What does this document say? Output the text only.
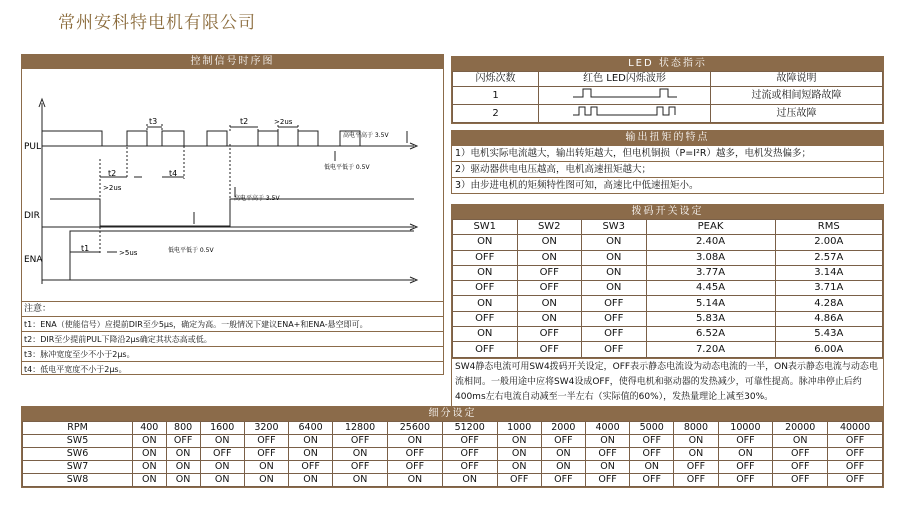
常州安科特电机有限公司
控制信号时序图
PUL
DIR
ENA
t1
t2
t2
t3
t4
>2us
>2us
>5us
高电平高于 3.5V
高电平高于 3.5V
低电平低于 0.5V
低电平低于 0.5V
注意：
t1：ENA（使能信号）应提前DIR至少5μs，确定为高。一般情况下建议ENA+和ENA-悬空即可。
t2：DIR至少提前PUL下降沿2μs确定其状态高或低。
t3：脉冲宽度至少不小于2μs。
t4：低电平宽度不小于2μs。
LED 状态指示
闪烁次数	红色 LED闪烁波形	故障说明
1		过流或相间短路故障
2		过压故障
输出扭矩的特点
1）电机实际电流越大，输出转矩越大，但电机铜损（P=I²R）越多，电机发热偏多；
2）驱动器供电电压越高，电机高速扭矩越大；
3）由步进电机的矩频特性图可知，高速比中低速扭矩小。
拨码开关设定
SW1	SW2	SW3	PEAK	RMS
ON	ON	ON	2.40A	2.00A
OFF	ON	ON	3.08A	2.57A
ON	OFF	ON	3.77A	3.14A
OFF	OFF	ON	4.45A	3.71A
ON	ON	OFF	5.14A	4.28A
OFF	ON	OFF	5.83A	4.86A
ON	OFF	OFF	6.52A	5.43A
OFF	OFF	OFF	7.20A	6.00A
SW4静态电流可用SW4拨码开关设定，OFF表示静态电流设为动态电流的一半，ON表示静态电流与动态电流相同。一般用途中应将SW4设成OFF，使得电机和驱动器的发热减少，可靠性提高。脉冲串停止后约400ms左右电流自动减至一半左右（实际值的60%），发热量理论上减至30%。
细分设定
RPM	400	800	1600	3200	6400	12800	25600	51200	1000	2000	4000	5000	8000	10000	20000	40000
SW5	ON	OFF	ON	OFF	ON	OFF	ON	OFF	ON	OFF	ON	OFF	ON	OFF	ON	OFF
SW6	ON	ON	OFF	OFF	ON	ON	OFF	OFF	ON	ON	OFF	OFF	ON	ON	OFF	OFF
SW7	ON	ON	ON	ON	OFF	OFF	OFF	OFF	ON	ON	ON	ON	OFF	OFF	OFF	OFF
SW8	ON	ON	ON	ON	ON	ON	ON	ON	OFF	OFF	OFF	OFF	OFF	OFF	OFF	OFF
